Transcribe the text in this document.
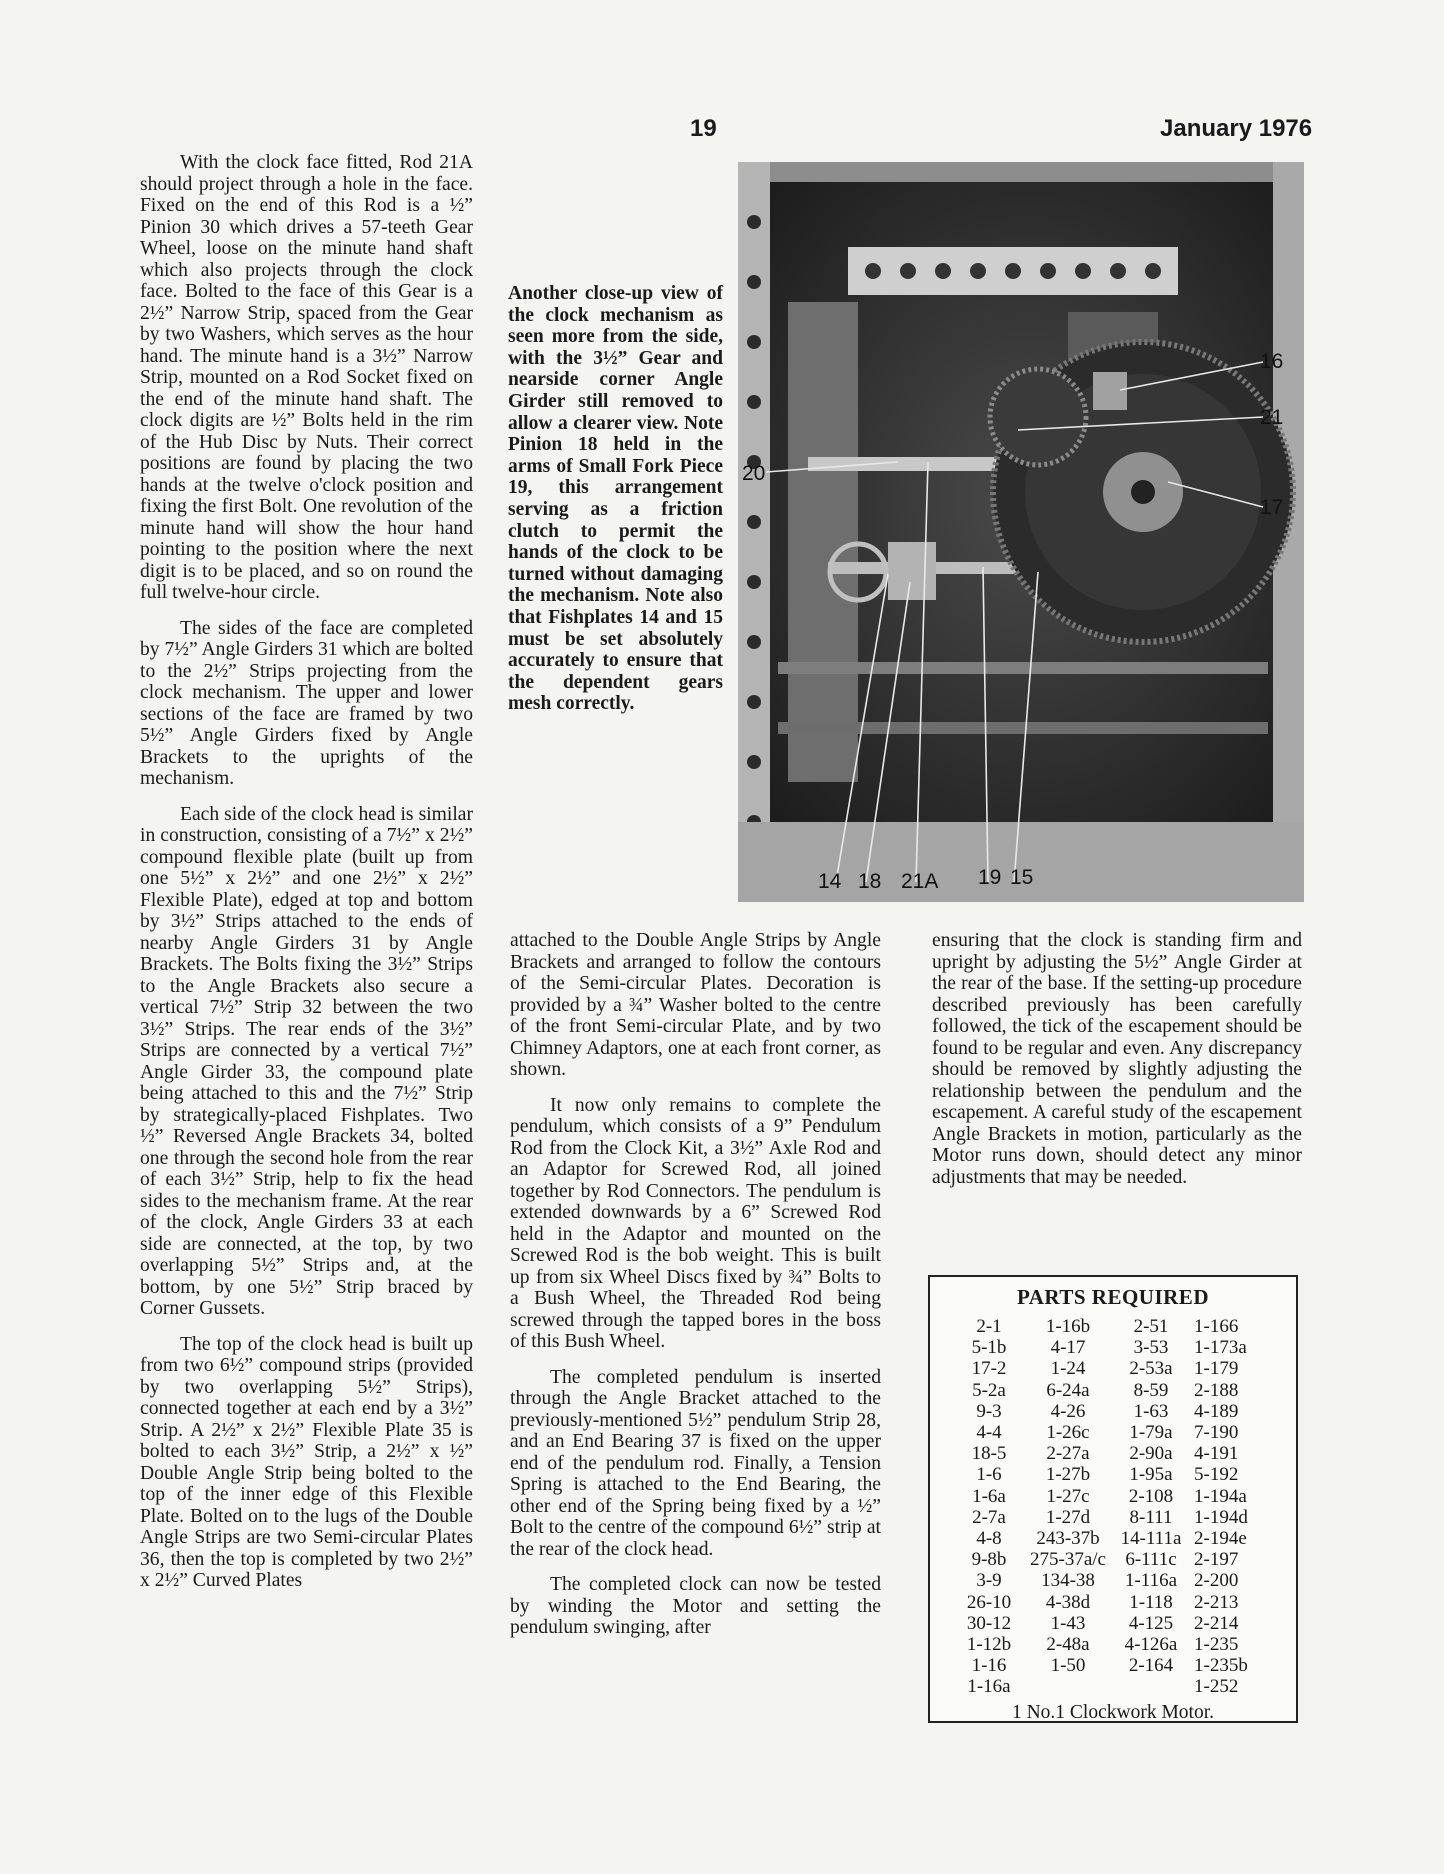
19	January 1976

With the clock face fitted, Rod 21A should project through a hole in the face. Fixed on the end of this Rod is a ½” Pinion 30 which drives a 57-teeth Gear Wheel, loose on the minute hand shaft which also projects through the clock face. Bolted to the face of this Gear is a 2½” Narrow Strip, spaced from the Gear by two Washers, which serves as the hour hand. The minute hand is a 3½” Narrow Strip, mounted on a Rod Socket fixed on the end of the minute hand shaft. The clock digits are ½” Bolts held in the rim of the Hub Disc by Nuts. Their correct positions are found by placing the two hands at the twelve o'clock position and fixing the first Bolt. One revolution of the minute hand will show the hour hand pointing to the position where the next digit is to be placed, and so on round the full twelve-hour circle.

The sides of the face are completed by 7½” Angle Girders 31 which are bolted to the 2½” Strips projecting from the clock mechanism. The upper and lower sections of the face are framed by two 5½” Angle Girders fixed by Angle Brackets to the uprights of the mechanism.

Each side of the clock head is similar in construction, consisting of a 7½” x 2½” compound flexible plate (built up from one 5½” x 2½” and one 2½” x 2½” Flexible Plate), edged at top and bottom by 3½” Strips attached to the ends of nearby Angle Girders 31 by Angle Brackets. The Bolts fixing the 3½” Strips to the Angle Brackets also secure a vertical 7½” Strip 32 between the two 3½” Strips. The rear ends of the 3½” Strips are connected by a vertical 7½” Angle Girder 33, the compound plate being attached to this and the 7½” Strip by strategically-placed Fishplates. Two ½” Reversed Angle Brackets 34, bolted one through the second hole from the rear of each 3½” Strip, help to fix the head sides to the mechanism frame. At the rear of the clock, Angle Girders 33 at each side are connected, at the top, by two overlapping 5½” Strips and, at the bottom, by one 5½” Strip braced by Corner Gussets.

The top of the clock head is built up from two 6½” compound strips (provided by two overlapping 5½” Strips), connected together at each end by a 3½” Strip. A 2½” x 2½” Flexible Plate 35 is bolted to each 3½” Strip, a 2½” x ½” Double Angle Strip being bolted to the top of the inner edge of this Flexible Plate. Bolted on to the lugs of the Double Angle Strips are two Semi-circular Plates 36, then the top is completed by two 2½” x 2½” Curved Plates

Another close-up view of the clock mechanism as seen more from the side, with the 3½” Gear and nearside corner Angle Girder still removed to allow a clearer view. Note Pinion 18 held in the arms of Small Fork Piece 19, this arrangement serving as a friction clutch to permit the hands of the clock to be turned without damaging the mechanism. Note also that Fishplates 14 and 15 must be set absolutely accurately to ensure that the dependent gears mesh correctly.
16
21
17
20
14 18 21A 19 15

attached to the Double Angle Strips by Angle Brackets and arranged to follow the contours of the Semi-circular Plates. Decoration is provided by a ¾” Washer bolted to the centre of the front Semi-circular Plate, and by two Chimney Adaptors, one at each front corner, as shown.

It now only remains to complete the pendulum, which consists of a 9” Pendulum Rod from the Clock Kit, a 3½” Axle Rod and an Adaptor for Screwed Rod, all joined together by Rod Connectors. The pendulum is extended downwards by a 6” Screwed Rod held in the Adaptor and mounted on the Screwed Rod is the bob weight. This is built up from six Wheel Discs fixed by ¾” Bolts to a Bush Wheel, the Threaded Rod being screwed through the tapped bores in the boss of this Bush Wheel.

The completed pendulum is inserted through the Angle Bracket attached to the previously-mentioned 5½” pendulum Strip 28, and an End Bearing 37 is fixed on the upper end of the pendulum rod. Finally, a Tension Spring is attached to the End Bearing, the other end of the Spring being fixed by a ½” Bolt to the centre of the compound 6½” strip at the rear of the clock head.

The completed clock can now be tested by winding the Motor and setting the pendulum swinging, after

ensuring that the clock is standing firm and upright by adjusting the 5½” Angle Girder at the rear of the base. If the setting-up procedure described previously has been carefully followed, the tick of the escapement should be found to be regular and even. Any discrepancy should be removed by slightly adjusting the relationship between the pendulum and the escapement. A careful study of the escapement Angle Brackets in motion, particularly as the Motor runs down, should detect any minor adjustments that may be needed.

PARTS REQUIRED
2-1	1-16b	2-51	1-166
5-1b	4-17	3-53	1-173a
17-2	1-24	2-53a	1-179
5-2a	6-24a	8-59	2-188
9-3	4-26	1-63	4-189
4-4	1-26c	1-79a	7-190
18-5	2-27a	2-90a	4-191
1-6	1-27b	1-95a	5-192
1-6a	1-27c	2-108	1-194a
2-7a	1-27d	8-111	1-194d
4-8	243-37b	14-111a	2-194e
9-8b	275-37a/c	6-111c	2-197
3-9	134-38	1-116a	2-200
26-10	4-38d	1-118	2-213
30-12	1-43	4-125	2-214
1-12b	2-48a	4-126a	1-235
1-16	1-50	2-164	1-235b
1-16a			1-252
1 No.1 Clockwork Motor.
